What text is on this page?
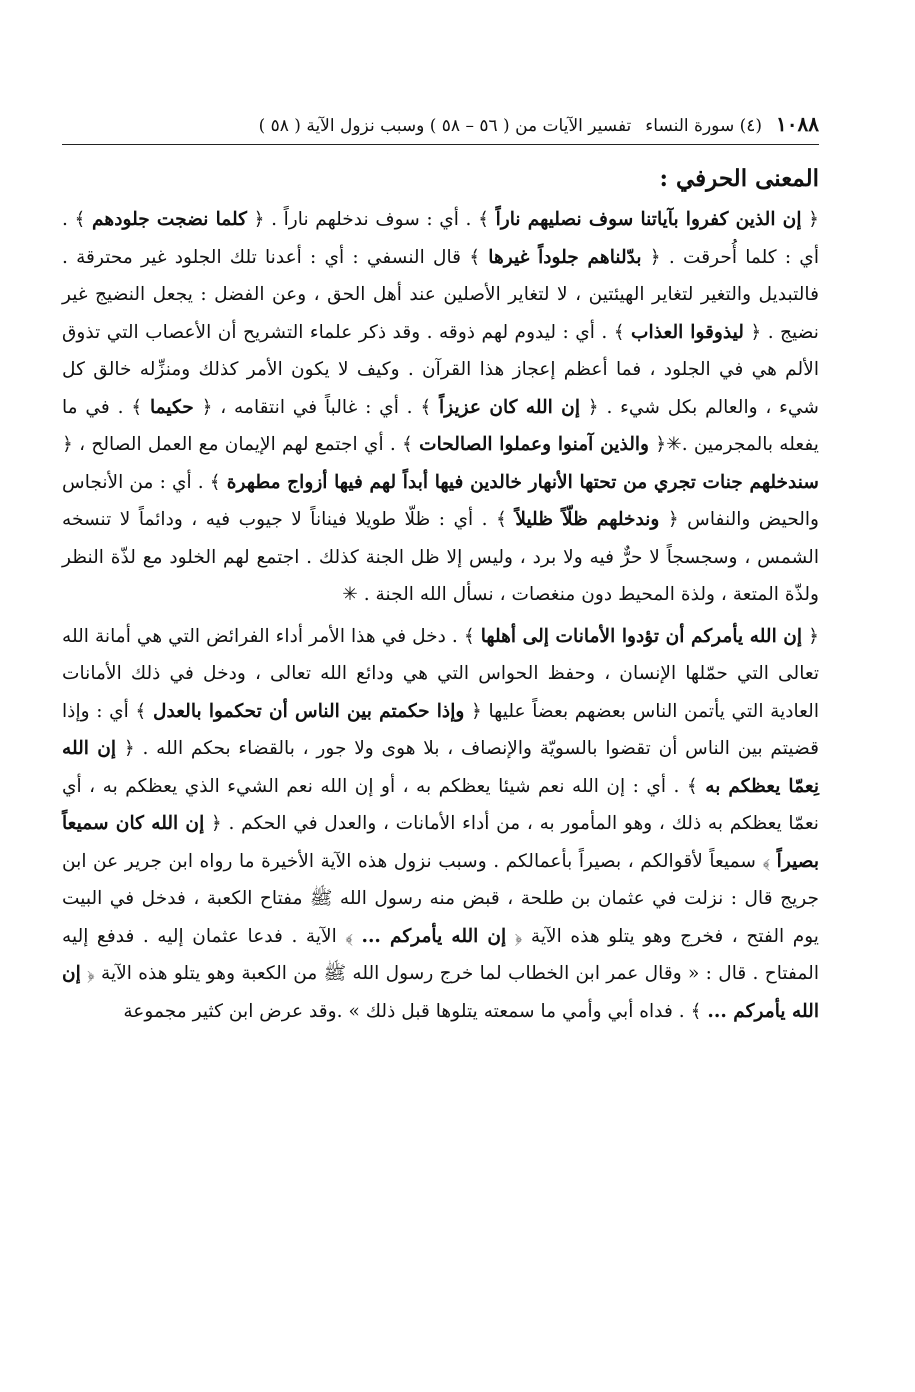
١٠٨٨
(٤) سورة النساء
تفسير الآيات من ( ٥٦ – ٥٨ ) وسبب نزول الآية ( ٥٨ )
المعنى الحرفي :

﴿ إن الذين كفروا بآياتنا سوف نصليهم ناراً ﴾ . أي : سوف ندخلهم ناراً . ﴿ كلما نضجت جلودهم ﴾ . أي : كلما أُحرقت . ﴿ بدّلناهم جلوداً غيرها ﴾ قال النسفي : أي : أعدنا تلك الجلود غير محترقة . فالتبديل والتغير لتغاير الهيئتين ، لا لتغاير الأصلين عند أهل الحق ، وعن الفضل : يجعل النضيج غير نضيج . ﴿ ليذوقوا العذاب ﴾ . أي : ليدوم لهم ذوقه . وقد ذكر علماء التشريح أن الأعصاب التي تذوق الألم هي في الجلود ، فما أعظم إعجاز هذا القرآن . وكيف لا يكون الأمر كذلك ومنزِّله خالق كل شيء ، والعالم بكل شيء . ﴿ إن الله كان عزيزاً ﴾ . أي : غالباً في انتقامه ، ﴿ حكيما ﴾ . في ما يفعله بالمجرمين .✳﴿ والذين آمنوا وعملوا الصالحات ﴾ . أي اجتمع لهم الإيمان مع العمل الصالح ، ﴿ سندخلهم جنات تجري من تحتها الأنهار خالدين فيها أبداً لهم فيها أزواج مطهرة ﴾ . أي : من الأنجاس والحيض والنفاس ﴿ وندخلهم ظلّاً ظليلاً ﴾ . أي : ظلّا طويلا فيناناً لا جيوب فيه ، ودائماً لا تنسخه الشمس ، وسجسجاً لا حرٌّ فيه ولا برد ، وليس إلا ظل الجنة كذلك . اجتمع لهم الخلود مع لذّة النظر ولذّة المتعة ، ولذة المحيط دون منغصات ، نسأل الله الجنة . ✳

﴿ إن الله يأمركم أن تؤدوا الأمانات إلى أهلها ﴾ . دخل في هذا الأمر أداء الفرائض التي هي أمانة الله تعالى التي حمّلها الإنسان ، وحفظ الحواس التي هي ودائع الله تعالى ، ودخل في ذلك الأمانات العادية التي يأتمن الناس بعضهم بعضاً عليها ﴿ وإذا حكمتم بين الناس أن تحكموا بالعدل ﴾ أي : وإذا قضيتم بين الناس أن تقضوا بالسويّة والإنصاف ، بلا هوى ولا جور ، بالقضاء بحكم الله . ﴿ إن الله نِعمّا يعظكم به ﴾ . أي : إن الله نعم شيئا يعظكم به ، أو إن الله نعم الشيء الذي يعظكم به ، أي نعمّا يعظكم به ذلك ، وهو المأمور به ، من أداء الأمانات ، والعدل في الحكم . ﴿ إن الله كان سميعاً بصيراً ﴾ سميعاً لأقوالكم ، بصيراً بأعمالكم . وسبب نزول هذه الآية الأخيرة ما رواه ابن جرير عن ابن جريج قال : نزلت في عثمان بن طلحة ، قبض منه رسول الله ﷺ مفتاح الكعبة ، فدخل في البيت يوم الفتح ، فخرج وهو يتلو هذه الآية ﴿ إن الله يأمركم ... ﴾ الآية . فدعا عثمان إليه . فدفع إليه المفتاح . قال : « وقال عمر ابن الخطاب لما خرج رسول الله ﷺ من الكعبة وهو يتلو هذه الآية ﴿ إن الله يأمركم ... ﴾ . فداه أبي وأمي ما سمعته يتلوها قبل ذلك » .وقد عرض ابن كثير مجموعة
